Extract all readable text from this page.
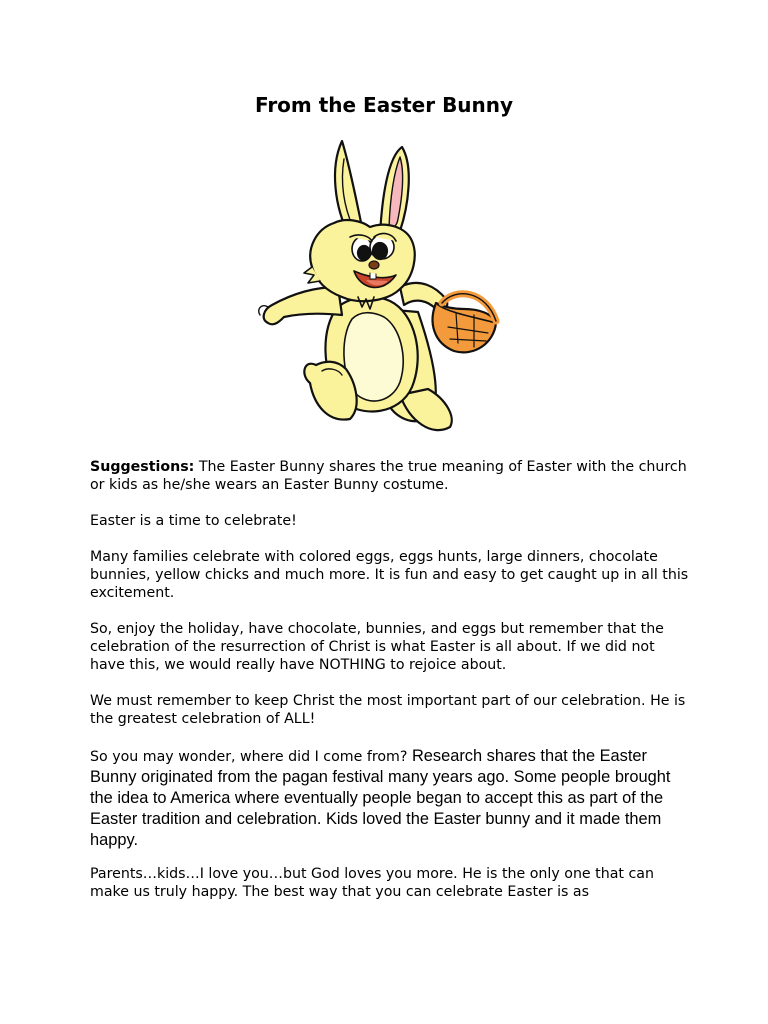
From the Easter Bunny

Suggestions: The Easter Bunny shares the true meaning of Easter with the church or kids as he/she wears an Easter Bunny costume.

Easter is a time to celebrate!

Many families celebrate with colored eggs, eggs hunts, large dinners, chocolate bunnies, yellow chicks and much more. It is fun and easy to get caught up in all this excitement.

So, enjoy the holiday, have chocolate, bunnies, and eggs but remember that the celebration of the resurrection of Christ is what Easter is all about. If we did not have this, we would really have NOTHING to rejoice about.

We must remember to keep Christ the most important part of our celebration. He is the greatest celebration of ALL!

So you may wonder, where did I come from? Research shares that the Easter Bunny originated from the pagan festival many years ago. Some people brought the idea to America where eventually people began to accept this as part of the Easter tradition and celebration. Kids loved the Easter bunny and it made them happy.

Parents…kids…I love you…but God loves you more. He is the only one that can make us truly happy. The best way that you can celebrate Easter is as
